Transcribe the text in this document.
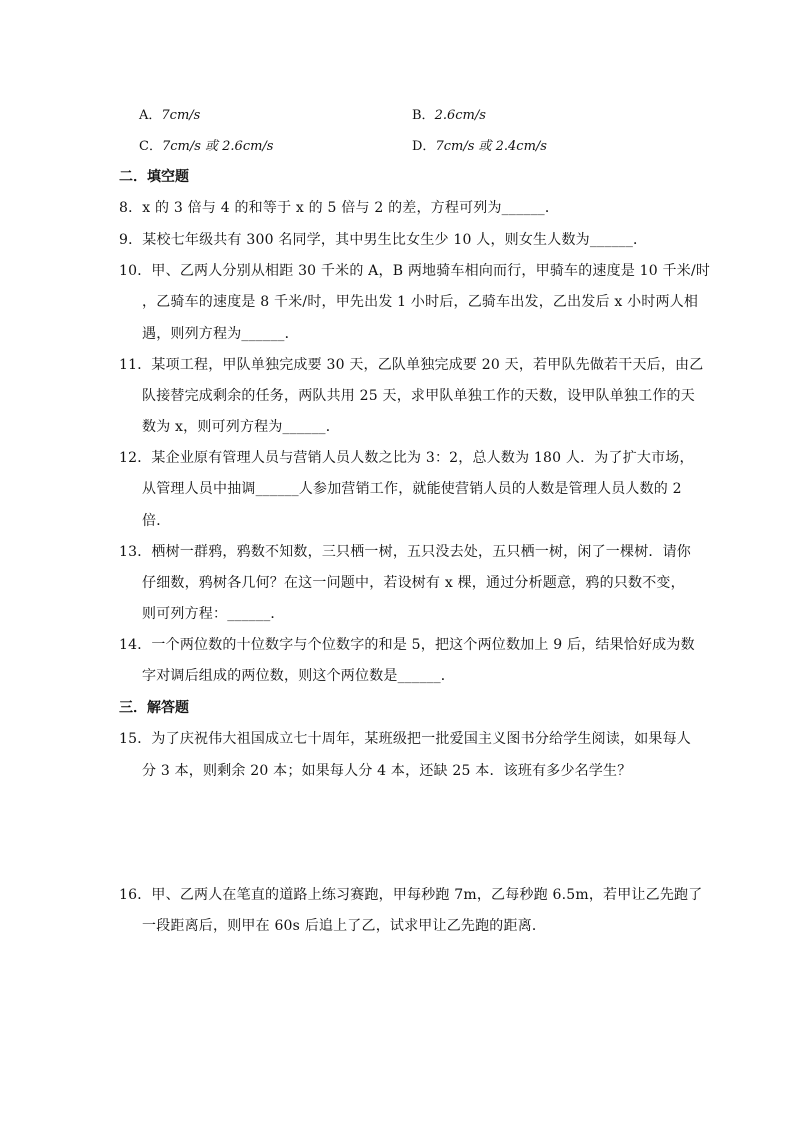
A．7cm/s	B．2.6cm/s
C．7cm/s 或 2.6cm/s	D．7cm/s 或 2.4cm/s
二．填空题
8．x 的 3 倍与 4 的和等于 x 的 5 倍与 2 的差，方程可列为______．
9．某校七年级共有 300 名同学，其中男生比女生少 10 人，则女生人数为______．
10．甲、乙两人分别从相距 30 千米的 A，B 两地骑车相向而行，甲骑车的速度是 10 千米/时
，乙骑车的速度是 8 千米/时，甲先出发 1 小时后，乙骑车出发，乙出发后 x 小时两人相
遇，则列方程为______．
11．某项工程，甲队单独完成要 30 天，乙队单独完成要 20 天，若甲队先做若干天后，由乙
队接替完成剩余的任务，两队共用 25 天，求甲队单独工作的天数，设甲队单独工作的天
数为 x，则可列方程为______．
12．某企业原有管理人员与营销人员人数之比为 3：2，总人数为 180 人．为了扩大市场，
从管理人员中抽调______人参加营销工作，就能使营销人员的人数是管理人员人数的 2
倍．
13．栖树一群鸦，鸦数不知数，三只栖一树，五只没去处，五只栖一树，闲了一棵树．请你
仔细数，鸦树各几何？在这一问题中，若设树有 x 棵，通过分析题意，鸦的只数不变，
则可列方程：______．
14．一个两位数的十位数字与个位数字的和是 5，把这个两位数加上 9 后，结果恰好成为数
字对调后组成的两位数，则这个两位数是______．
三．解答题
15．为了庆祝伟大祖国成立七十周年，某班级把一批爱国主义图书分给学生阅读，如果每人
分 3 本，则剩余 20 本；如果每人分 4 本，还缺 25 本．该班有多少名学生？
16．甲、乙两人在笔直的道路上练习赛跑，甲每秒跑 7m，乙每秒跑 6.5m，若甲让乙先跑了
一段距离后，则甲在 60s 后追上了乙，试求甲让乙先跑的距离．
